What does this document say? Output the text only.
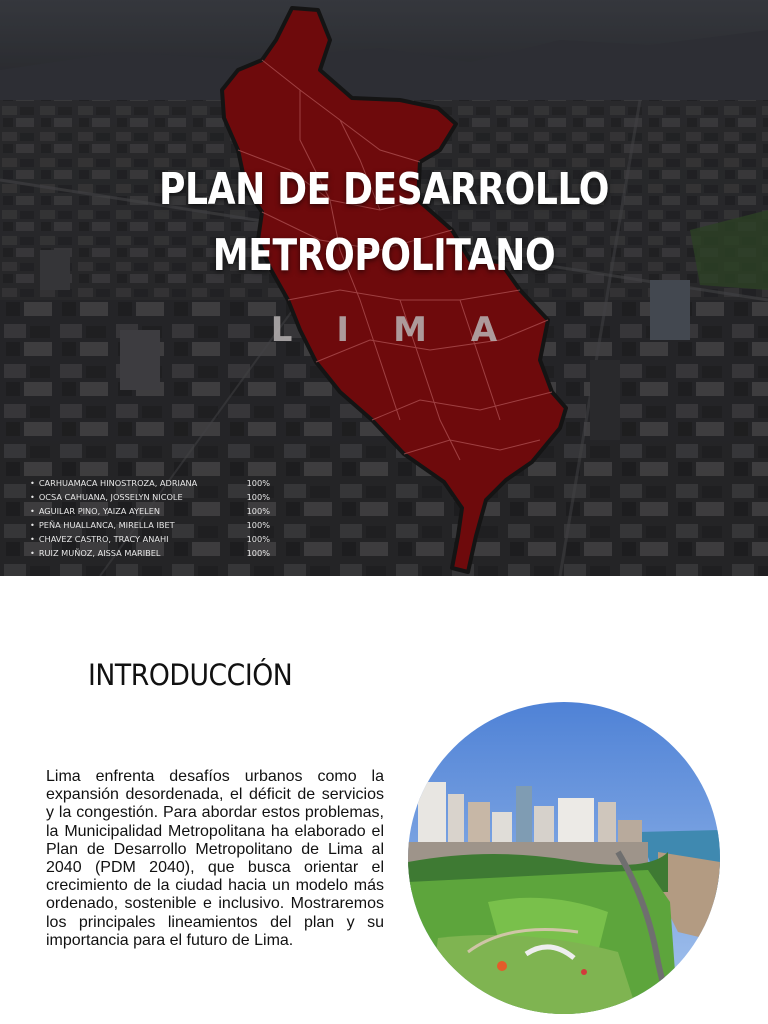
PLAN DE DESARROLLO
METROPOLITANO

LIMA

• CARHUAMACA HINOSTROZA, ADRIANA	100%
• OCSA CAHUANA, JOSSELYN NICOLE	100%
• AGUILAR PINO, YAIZA AYELEN	100%
• PEÑA HUALLANCA, MIRELLA IBET	100%
• CHAVEZ CASTRO, TRACY ANAHI	100%
• RUIZ MUÑOZ, AISSA MARIBEL	100%
INTRODUCCIÓN

Lima enfrenta desafíos urbanos como la expansión desordenada, el déficit de servicios y la congestión. Para abordar estos problemas, la Municipalidad Metropolitana ha elaborado el Plan de Desarrollo Metropolitano de Lima al 2040 (PDM 2040), que busca orientar el crecimiento de la ciudad hacia un modelo más ordenado, sostenible e inclusivo. Mostraremos los principales lineamientos del plan y su importancia para el futuro de Lima.
